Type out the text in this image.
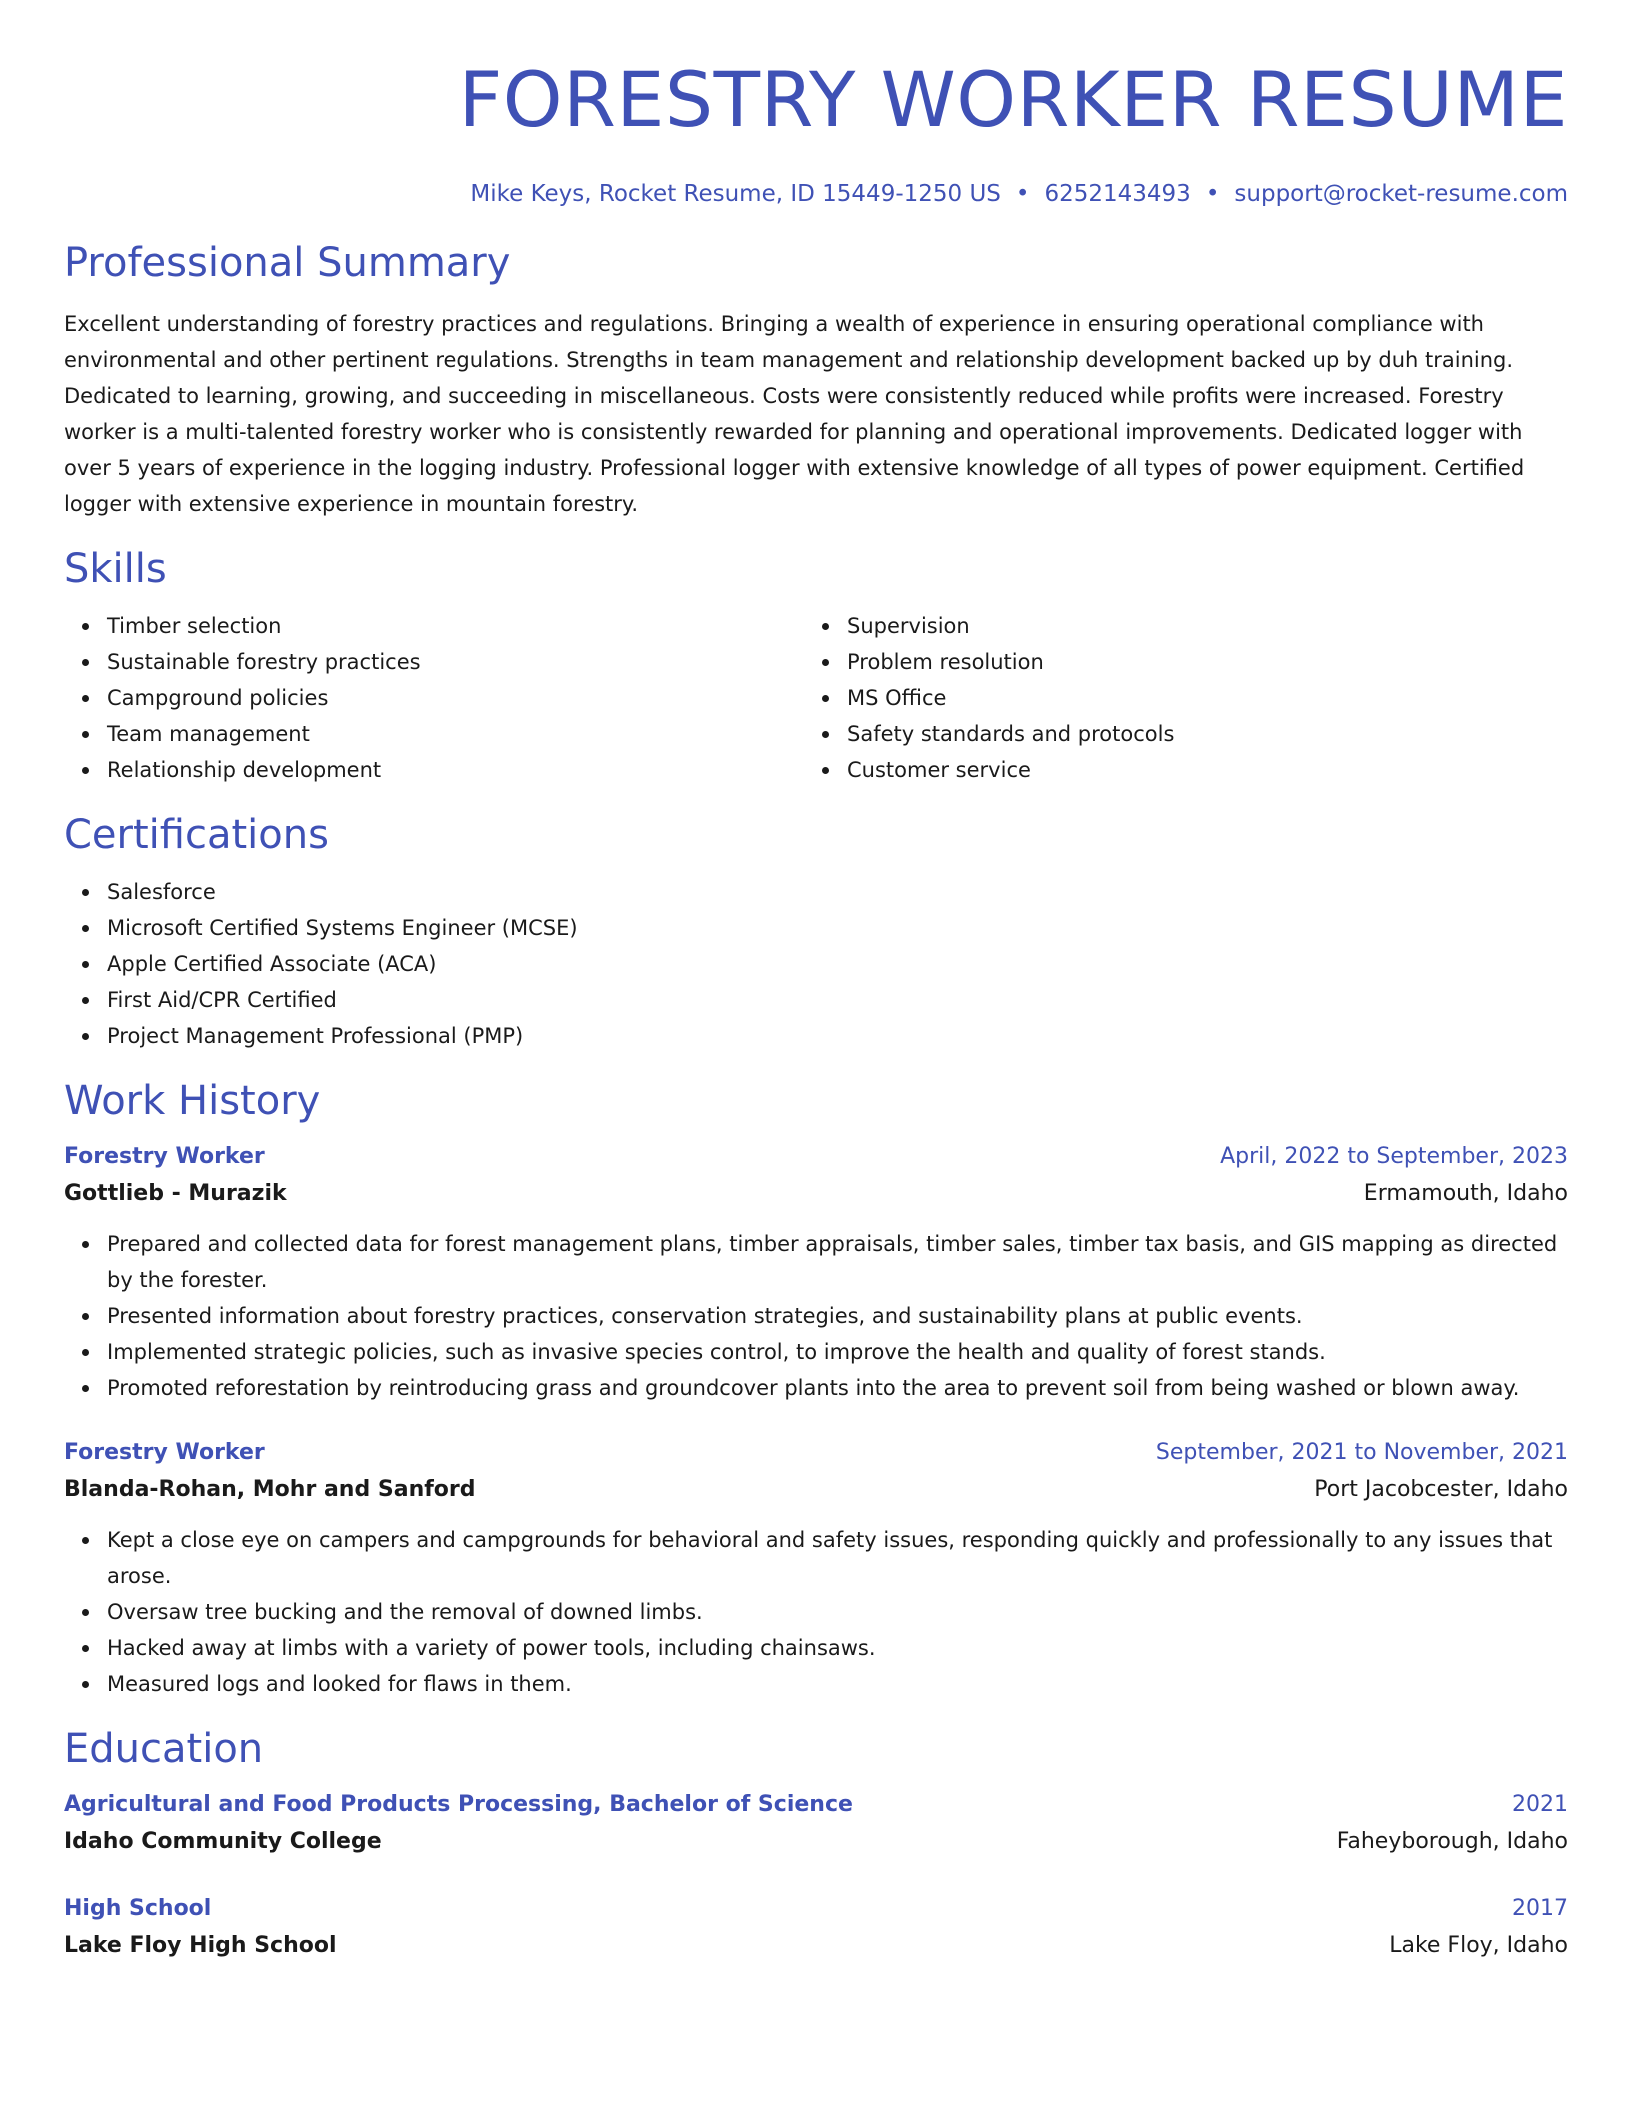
FORESTRY WORKER RESUME
Mike Keys, Rocket Resume, ID 15449-1250 US • 6252143493 • support@rocket-resume.com
Professional Summary

Excellent understanding of forestry practices and regulations. Bringing a wealth of experience in ensuring operational compliance with environmental and other pertinent regulations. Strengths in team management and relationship development backed up by duh training. Dedicated to learning, growing, and succeeding in miscellaneous. Costs were consistently reduced while profits were increased. Forestry worker is a multi-talented forestry worker who is consistently rewarded for planning and operational improvements. Dedicated logger with over 5 years of experience in the logging industry. Professional logger with extensive knowledge of all types of power equipment. Certified logger with extensive experience in mountain forestry.

Skills
Timber selection
Sustainable forestry practices
Campground policies
Team management
Relationship development
Supervision
Problem resolution
MS Office
Safety standards and protocols
Customer service
Certifications
Salesforce
Microsoft Certified Systems Engineer (MCSE)
Apple Certified Associate (ACA)
First Aid/CPR Certified
Project Management Professional (PMP)
Work History
Forestry Worker	April, 2022 to September, 2023
Gottlieb - Murazik	Ermamouth, Idaho
Prepared and collected data for forest management plans, timber appraisals, timber sales, timber tax basis, and GIS mapping as directed by the forester.
Presented information about forestry practices, conservation strategies, and sustainability plans at public events.
Implemented strategic policies, such as invasive species control, to improve the health and quality of forest stands.
Promoted reforestation by reintroducing grass and groundcover plants into the area to prevent soil from being washed or blown away.
Forestry Worker	September, 2021 to November, 2021
Blanda-Rohan, Mohr and Sanford	Port Jacobcester, Idaho
Kept a close eye on campers and campgrounds for behavioral and safety issues, responding quickly and professionally to any issues that arose.
Oversaw tree bucking and the removal of downed limbs.
Hacked away at limbs with a variety of power tools, including chainsaws.
Measured logs and looked for flaws in them.
Education
Agricultural and Food Products Processing, Bachelor of Science	2021
Idaho Community College	Faheyborough, Idaho
High School	2017
Lake Floy High School	Lake Floy, Idaho
